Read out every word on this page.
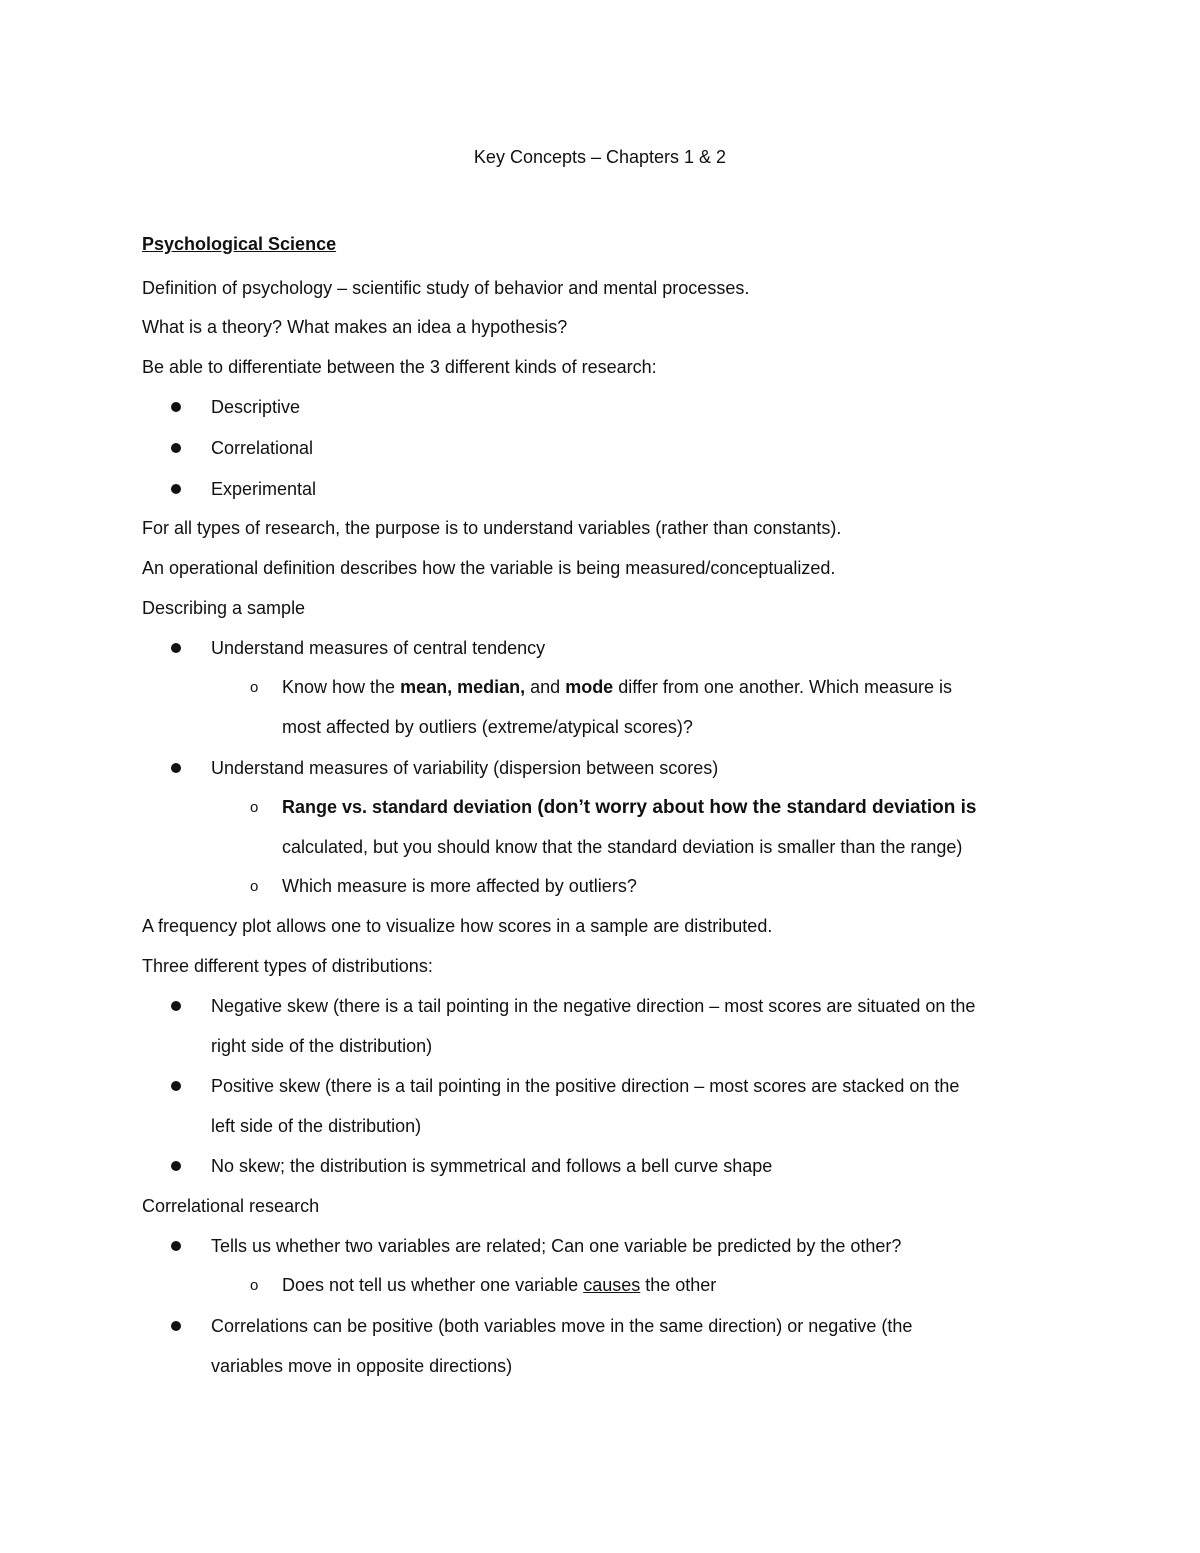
Key Concepts – Chapters 1 & 2
Psychological Science
Definition of psychology – scientific study of behavior and mental processes.
What is a theory? What makes an idea a hypothesis?
Be able to differentiate between the 3 different kinds of research:
Descriptive
Correlational
Experimental
For all types of research, the purpose is to understand variables (rather than constants).
An operational definition describes how the variable is being measured/conceptualized.
Describing a sample
Understand measures of central tendency
o Know how the mean, median, and mode differ from one another. Which measure is
most affected by outliers (extreme/atypical scores)?
Understand measures of variability (dispersion between scores)
o Range vs. standard deviation (don’t worry about how the standard deviation is
calculated, but you should know that the standard deviation is smaller than the range)
o Which measure is more affected by outliers?
A frequency plot allows one to visualize how scores in a sample are distributed.
Three different types of distributions:
Negative skew (there is a tail pointing in the negative direction – most scores are situated on the
right side of the distribution)
Positive skew (there is a tail pointing in the positive direction – most scores are stacked on the
left side of the distribution)
No skew; the distribution is symmetrical and follows a bell curve shape
Correlational research
Tells us whether two variables are related; Can one variable be predicted by the other?
o Does not tell us whether one variable causes the other
Correlations can be positive (both variables move in the same direction) or negative (the
variables move in opposite directions)
